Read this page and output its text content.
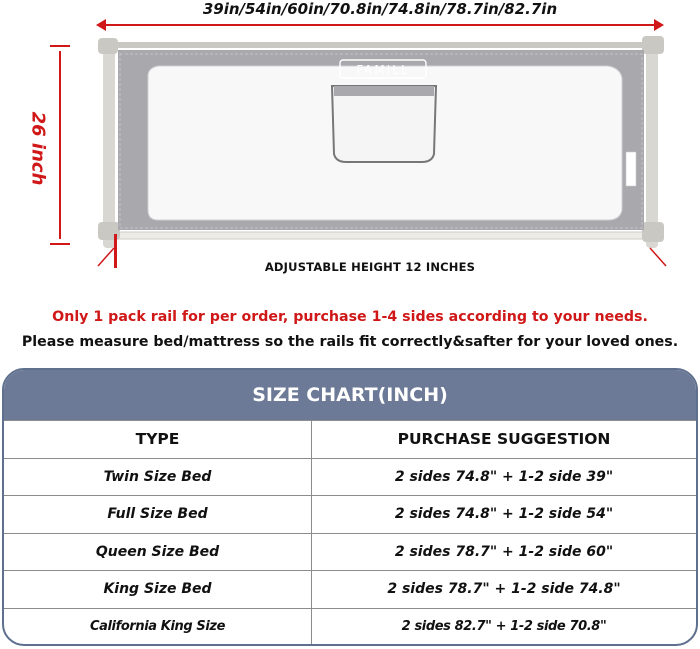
39in/54in/60in/70.8in/74.8in/78.7in/82.7in
26 inch
FAMILL
ADJUSTABLE HEIGHT 12 INCHES
Only 1 pack rail for per order, purchase 1-4 sides according to your needs.
Please measure bed/mattress so the rails fit correctly&safter for your loved ones.
SIZE CHART(INCH)
TYPE	PURCHASE SUGGESTION
Twin Size Bed	2 sides 74.8" + 1-2 side 39"
Full Size Bed	2 sides 74.8" + 1-2 side 54"
Queen Size Bed	2 sides 78.7" + 1-2 side 60"
King Size Bed	2 sides 78.7" + 1-2 side 74.8"
California King Size	2 sides 82.7" + 1-2 side 70.8"
